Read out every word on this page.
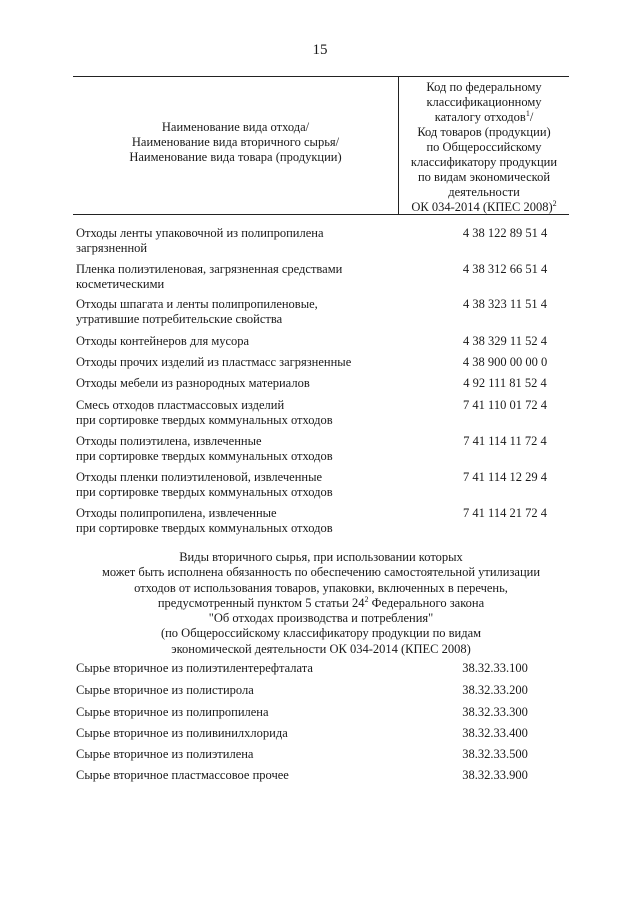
15
Наименование вида отхода/
Наименование вида вторичного сырья/
Наименование вида товара (продукции)
Код по федеральному
классификационному
каталогу отходов$^1$/
Код товаров (продукции)
по Общероссийскому
классификатору продукции
по видам экономической
деятельности
ОК 034-2014 (КПЕС 2008)$^2$
Отходы ленты упаковочной из полипропилена
загрязненной
4 38 122 89 51 4
Пленка полиэтиленовая, загрязненная средствами
косметическими
4 38 312 66 51 4
Отходы шпагата и ленты полипропиленовые,
утратившие потребительские свойства
4 38 323 11 51 4
Отходы контейнеров для мусора	4 38 329 11 52 4
Отходы прочих изделий из пластмасс загрязненные	4 38 900 00 00 0
Отходы мебели из разнородных материалов	4 92 111 81 52 4
Смесь отходов пластмассовых изделий
при сортировке твердых коммунальных отходов
7 41 110 01 72 4
Отходы полиэтилена, извлеченные
при сортировке твердых коммунальных отходов
7 41 114 11 72 4
Отходы пленки полиэтиленовой, извлеченные
при сортировке твердых коммунальных отходов
7 41 114 12 29 4
Отходы полипропилена, извлеченные
при сортировке твердых коммунальных отходов
7 41 114 21 72 4
Виды вторичного сырья, при использовании которых
может быть исполнена обязанность по обеспечению самостоятельной утилизации
отходов от использования товаров, упаковки, включенных в перечень,
предусмотренный пунктом 5 статьи $24^2$ Федерального закона
"Об отходах производства и потребления"
(по Общероссийскому классификатору продукции по видам
экономической деятельности ОК 034-2014 (КПЕС 2008)
Сырье вторичное из полиэтилентерефталата	38.32.33.100
Сырье вторичное из полистирола	38.32.33.200
Сырье вторичное из полипропилена	38.32.33.300
Сырье вторичное из поливинилхлорида	38.32.33.400
Сырье вторичное из полиэтилена	38.32.33.500
Сырье вторичное пластмассовое прочее	38.32.33.900
